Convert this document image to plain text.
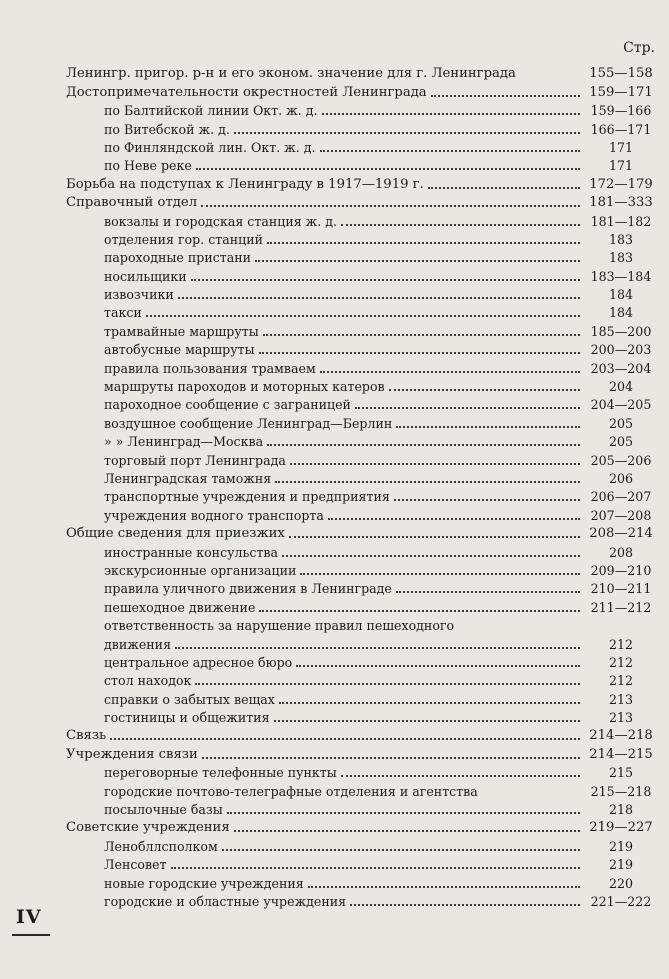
Стр.
Ленингр. пригор. р-н и его эконом. значение для г. Ленинграда	155—158
Достопримечательности окрестностей Ленинграда	159—171
по Балтийской линии Окт. ж. д.	159—166
по Витебской ж. д.	166—171
по Финляндской лин. Окт. ж. д.	171
по Неве реке	171
Борьба на подступах к Ленинграду в 1917—1919 г.	172—179
Справочный отдел	181—333
вокзалы и городская станция ж. д.	181—182
отделения гор. станций	183
пароходные пристани	183
носильщики	183—184
извозчики	184
такси	184
трамвайные маршруты	185—200
автобусные маршруты	200—203
правила пользования трамваем	203—204
маршруты пароходов и моторных катеров	204
пароходное сообщение с заграницей	204—205
воздушное сообщение Ленинград—Берлин	205
» » Ленинград—Москва	205
торговый порт Ленинграда	205—206
Ленинградская таможня	206
транспортные учреждения и предприятия	206—207
учреждения водного транспорта	207—208
Общие сведения для приезжих	208—214
иностранные консульства	208
экскурсионные организации	209—210
правила уличного движения в Ленинграде	210—211
пешеходное движение	211—212
ответственность за нарушение правил пешеходного
движения	212
центральное адресное бюро	212
стол находок	212
справки о забытых вещах	213
гостиницы и общежития	213
Связь	214—218
Учреждения связи	214—215
переговорные телефонные пункты	215
городские почтово-телеграфные отделения и агентства	215—218
посылочные базы	218
Советские учреждения	219—227
Ленобллсполком	219
Ленсовет	219
новые городские учреждения	220
городские и областные учреждения	221—222
IV
